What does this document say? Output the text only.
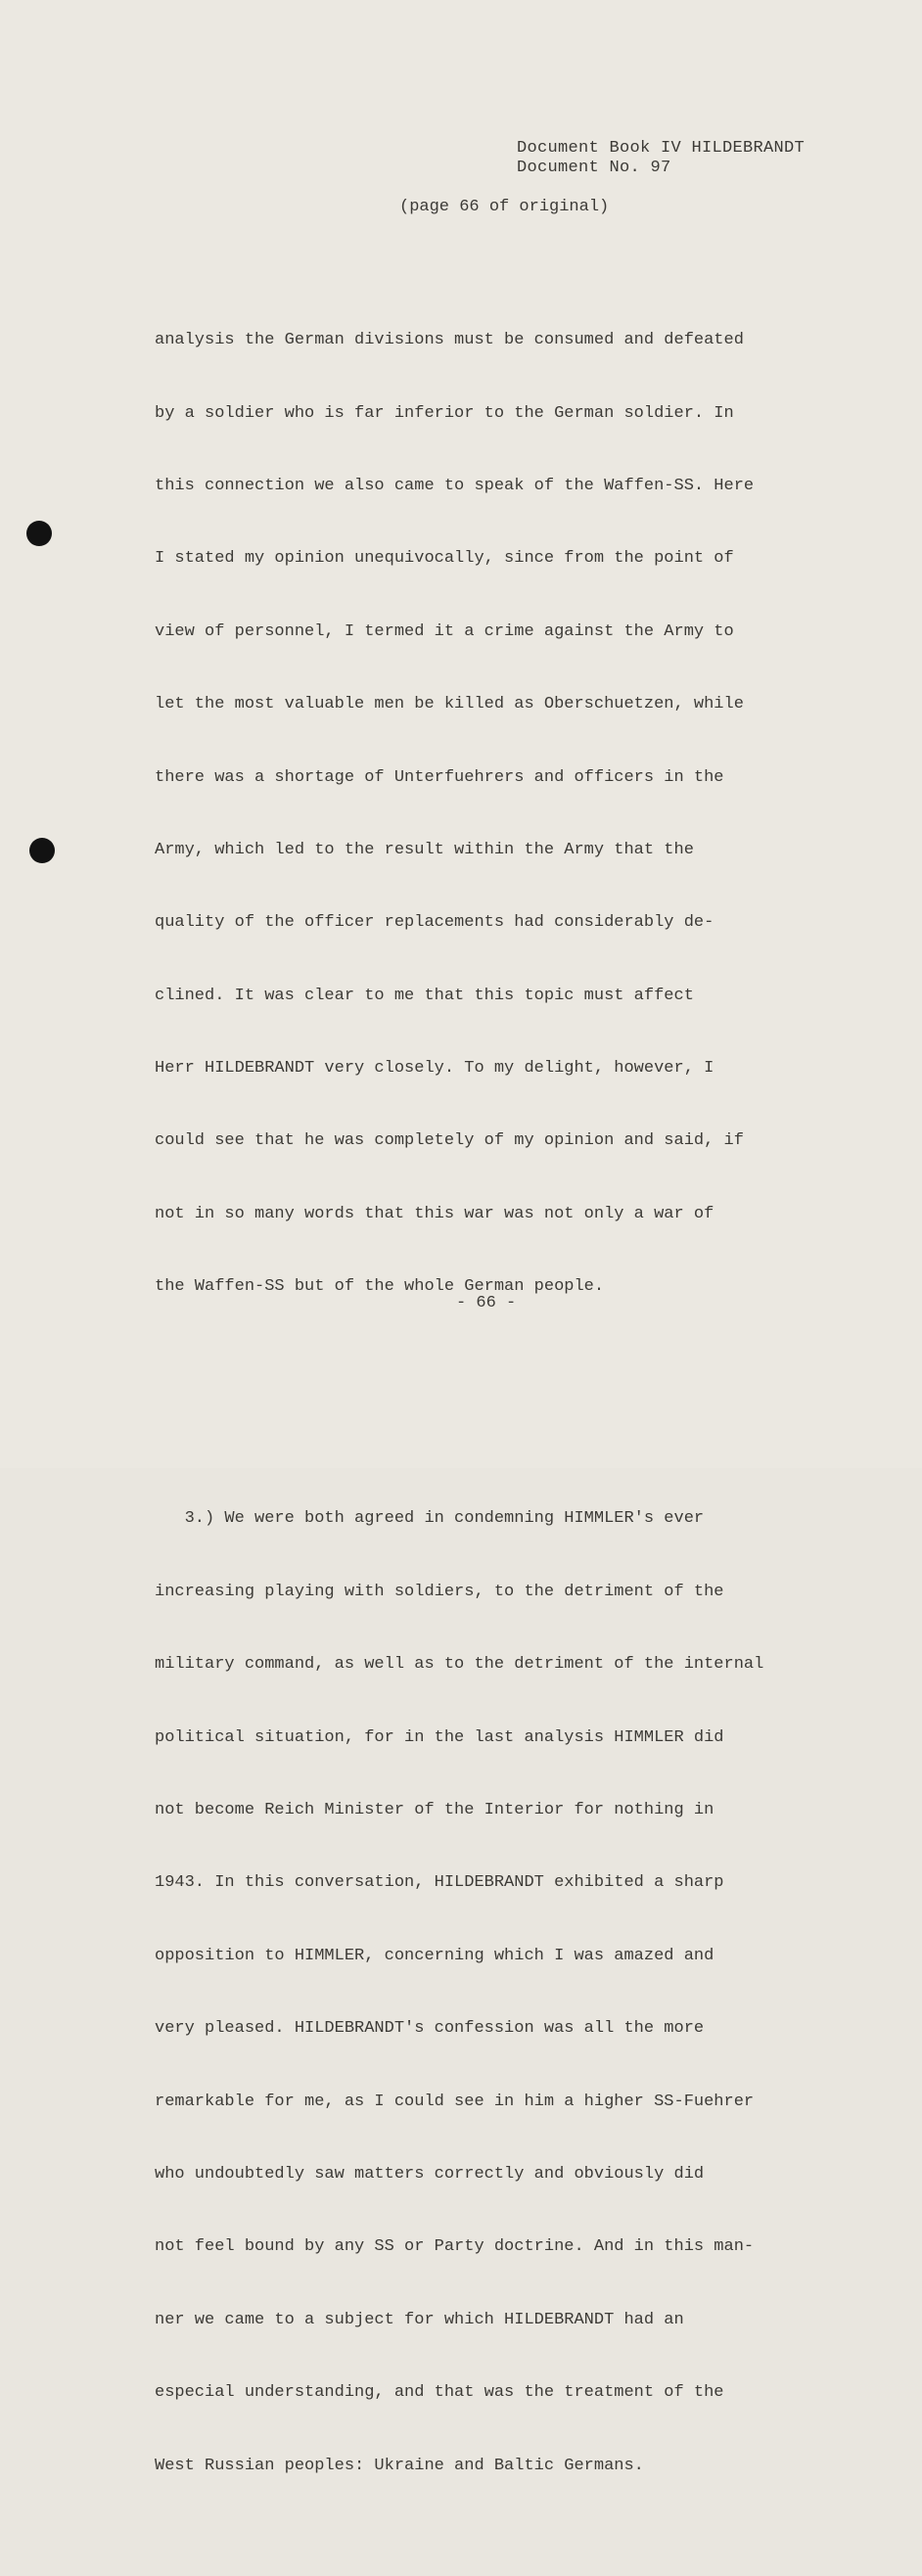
Document Book IV HILDEBRANDT
Document No. 97
(page 66 of original)

analysis the German divisions must be consumed and defeated

by a soldier who is far inferior to the German soldier. In

this connection we also came to speak of the Waffen-SS. Here

I stated my opinion unequivocally, since from the point of

view of personnel, I termed it a crime against the Army to

let the most valuable men be killed as Oberschuetzen, while

there was a shortage of Unterfuehrers and officers in the

Army, which led to the result within the Army that the

quality of the officer replacements had considerably de-

clined. It was clear to me that this topic must affect

Herr HILDEBRANDT very closely. To my delight, however, I

could see that he was completely of my opinion and said, if

not in so many words that this war was not only a war of

the Waffen-SS but of the whole German people.

3.) We were both agreed in condemning HIMMLER's ever

increasing playing with soldiers, to the detriment of the

military command, as well as to the detriment of the internal

political situation, for in the last analysis HIMMLER did

not become Reich Minister of the Interior for nothing in

1943. In this conversation, HILDEBRANDT exhibited a sharp

opposition to HIMMLER, concerning which I was amazed and

very pleased. HILDEBRANDT's confession was all the more

remarkable for me, as I could see in him a higher SS-Fuehrer

who undoubtedly saw matters correctly and obviously did

not feel bound by any SS or Party doctrine. And in this man-

ner we came to a subject for which HILDEBRANDT had an

especial understanding, and that was the treatment of the

West Russian peoples: Ukraine and Baltic Germans.

- 66 -
